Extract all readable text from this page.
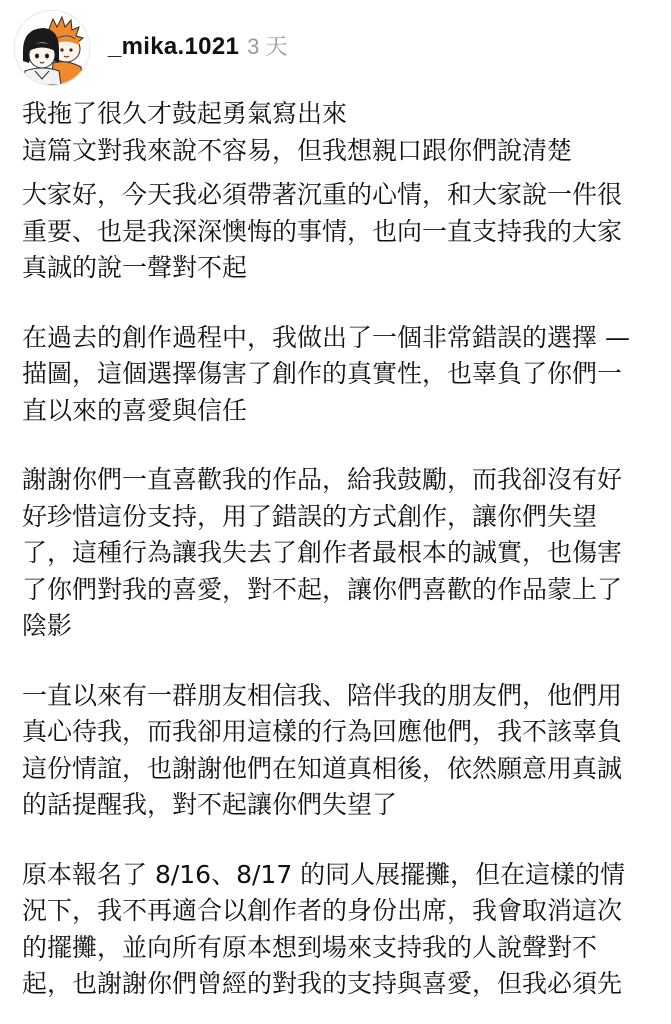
_mika.1021 3 天

我拖了很久才鼓起勇氣寫出來

這篇文對我來說不容易，但我想親口跟你們說清楚

大家好，今天我必須帶著沉重的心情，和大家說一件很
重要、也是我深深懊悔的事情，也向一直支持我的大家
真誠的說一聲對不起

在過去的創作過程中，我做出了一個非常錯誤的選擇 —
描圖，這個選擇傷害了創作的真實性，也辜負了你們一
直以來的喜愛與信任

謝謝你們一直喜歡我的作品，給我鼓勵，而我卻沒有好
好珍惜這份支持，用了錯誤的方式創作，讓你們失望
了，這種行為讓我失去了創作者最根本的誠實，也傷害
了你們對我的喜愛，對不起，讓你們喜歡的作品蒙上了
陰影

一直以來有一群朋友相信我、陪伴我的朋友們，他們用
真心待我，而我卻用這樣的行為回應他們，我不該辜負
這份情誼，也謝謝他們在知道真相後，依然願意用真誠
的話提醒我，對不起讓你們失望了

原本報名了 8/16、8/17 的同人展擺攤，但在這樣的情
況下，我不再適合以創作者的身份出席，我會取消這次
的擺攤，並向所有原本想到場來支持我的人說聲對不
起，也謝謝你們曾經的對我的支持與喜愛，但我必須先
